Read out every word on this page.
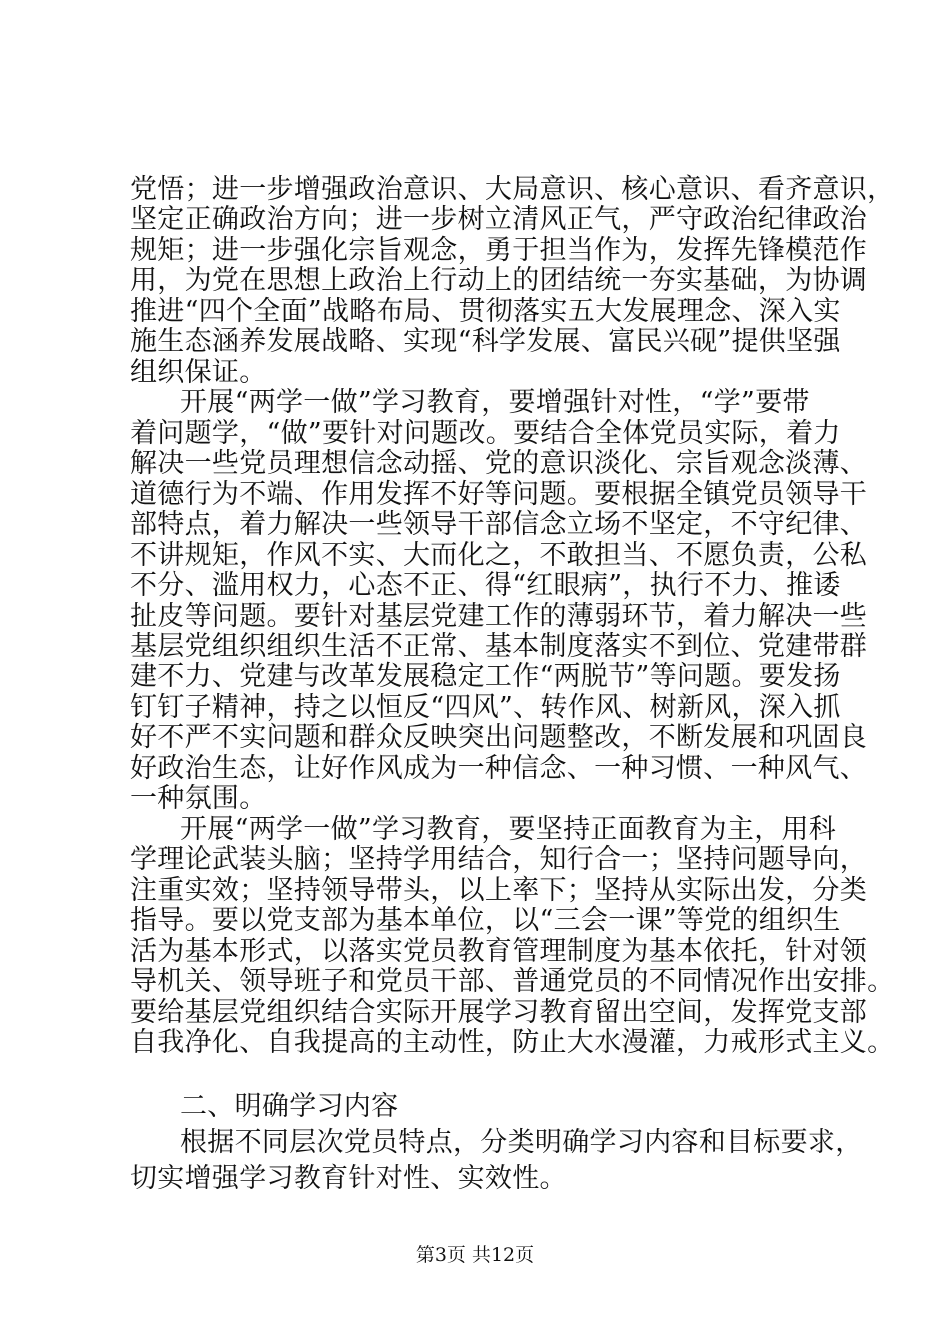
党悟；进一步增强政治意识、大局意识、核心意识、看齐意识，
坚定正确政治方向；进一步树立清风正气，严守政治纪律政治
规矩；进一步强化宗旨观念，勇于担当作为，发挥先锋模范作
用，为党在思想上政治上行动上的团结统一夯实基础，为协调
推进“四个全面”战略布局、贯彻落实五大发展理念、深入实
施生态涵养发展战略、实现“科学发展、富民兴砚”提供坚强
组织保证。
开展“两学一做”学习教育，要增强针对性，“学”要带
着问题学，“做”要针对问题改。要结合全体党员实际，着力
解决一些党员理想信念动摇、党的意识淡化、宗旨观念淡薄、
道德行为不端、作用发挥不好等问题。要根据全镇党员领导干
部特点，着力解决一些领导干部信念立场不坚定，不守纪律、
不讲规矩，作风不实、大而化之，不敢担当、不愿负责，公私
不分、滥用权力，心态不正、得“红眼病”，执行不力、推诿
扯皮等问题。要针对基层党建工作的薄弱环节，着力解决一些
基层党组织组织生活不正常、基本制度落实不到位、党建带群
建不力、党建与改革发展稳定工作“两脱节”等问题。要发扬
钉钉子精神，持之以恒反“四风”、转作风、树新风，深入抓
好不严不实问题和群众反映突出问题整改，不断发展和巩固良
好政治生态，让好作风成为一种信念、一种习惯、一种风气、
一种氛围。
开展“两学一做”学习教育，要坚持正面教育为主，用科
学理论武装头脑；坚持学用结合，知行合一；坚持问题导向，
注重实效；坚持领导带头，以上率下；坚持从实际出发，分类
指导。要以党支部为基本单位，以“三会一课”等党的组织生
活为基本形式，以落实党员教育管理制度为基本依托，针对领
导机关、领导班子和党员干部、普通党员的不同情况作出安排。
要给基层党组织结合实际开展学习教育留出空间，发挥党支部
自我净化、自我提高的主动性，防止大水漫灌，力戒形式主义。
二、明确学习内容
根据不同层次党员特点，分类明确学习内容和目标要求，
切实增强学习教育针对性、实效性。
第3页 共12页
